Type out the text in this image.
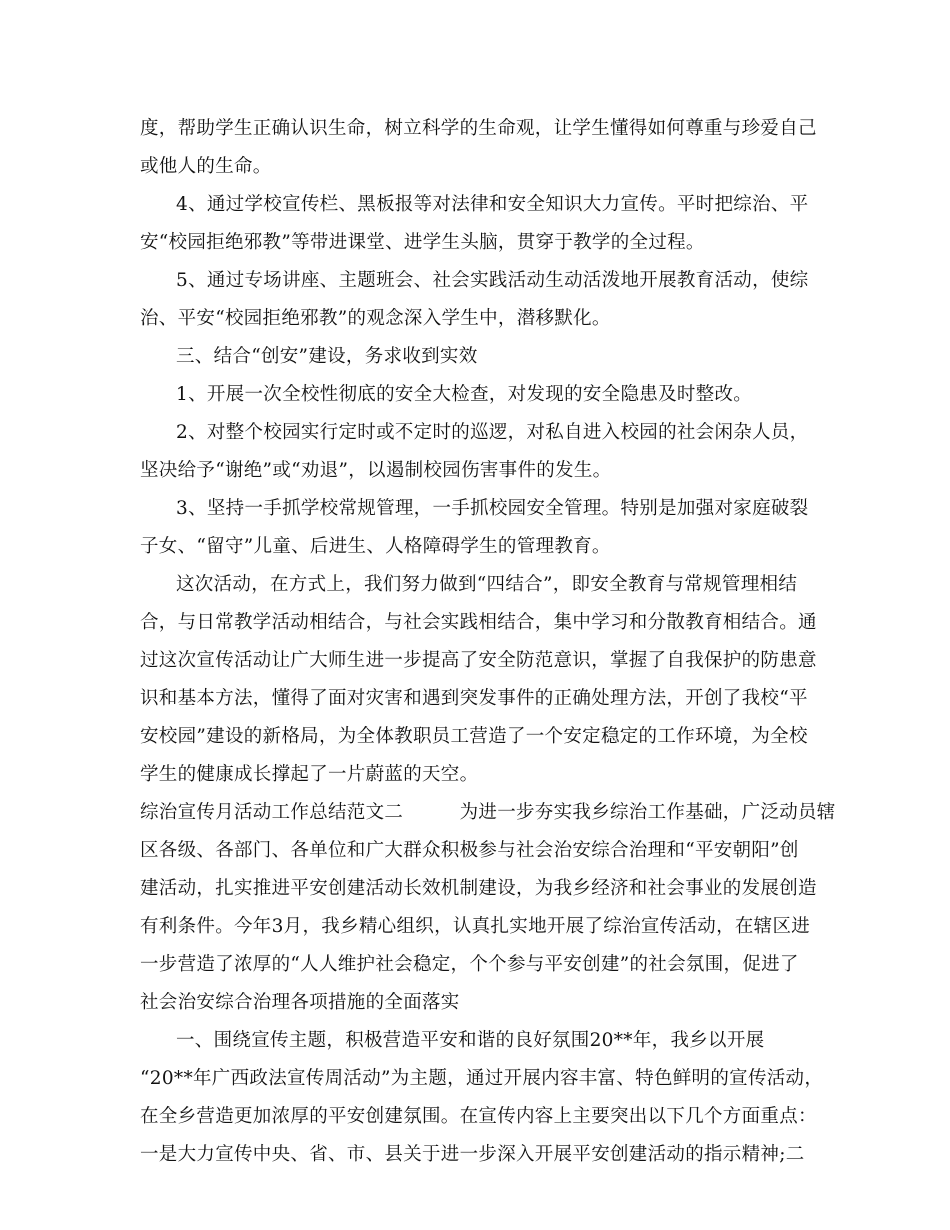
度，帮助学生正确认识生命，树立科学的生命观，让学生懂得如何尊重与珍爱自己
或他人的生命。
4、通过学校宣传栏、黑板报等对法律和安全知识大力宣传。平时把综治、平
安“校园拒绝邪教”等带进课堂、进学生头脑，贯穿于教学的全过程。
5、通过专场讲座、主题班会、社会实践活动生动活泼地开展教育活动，使综
治、平安“校园拒绝邪教”的观念深入学生中，潜移默化。
三、结合“创安”建设，务求收到实效
1、开展一次全校性彻底的安全大检查，对发现的安全隐患及时整改。
2、对整个校园实行定时或不定时的巡逻，对私自进入校园的社会闲杂人员，
坚决给予“谢绝”或“劝退”，以遏制校园伤害事件的发生。
3、坚持一手抓学校常规管理，一手抓校园安全管理。特别是加强对家庭破裂
子女、“留守”儿童、后进生、人格障碍学生的管理教育。
这次活动，在方式上，我们努力做到“四结合”，即安全教育与常规管理相结
合，与日常教学活动相结合，与社会实践相结合，集中学习和分散教育相结合。通
过这次宣传活动让广大师生进一步提高了安全防范意识，掌握了自我保护的防患意
识和基本方法，懂得了面对灾害和遇到突发事件的正确处理方法，开创了我校“平
安校园”建设的新格局，为全体教职员工营造了一个安定稳定的工作环境，为全校
学生的健康成长撑起了一片蔚蓝的天空。
综治宣传月活动工作总结范文二　　　为进一步夯实我乡综治工作基础，广泛动员辖
区各级、各部门、各单位和广大群众积极参与社会治安综合治理和“平安朝阳”创
建活动，扎实推进平安创建活动长效机制建设，为我乡经济和社会事业的发展创造
有利条件。今年3月，我乡精心组织，认真扎实地开展了综治宣传活动，在辖区进
一步营造了浓厚的“人人维护社会稳定，个个参与平安创建”的社会氛围，促进了
社会治安综合治理各项措施的全面落实
一、围绕宣传主题，积极营造平安和谐的良好氛围20**年，我乡以开展
“20**年广西政法宣传周活动”为主题，通过开展内容丰富、特色鲜明的宣传活动，
在全乡营造更加浓厚的平安创建氛围。在宣传内容上主要突出以下几个方面重点：
一是大力宣传中央、省、市、县关于进一步深入开展平安创建活动的指示精神;二
